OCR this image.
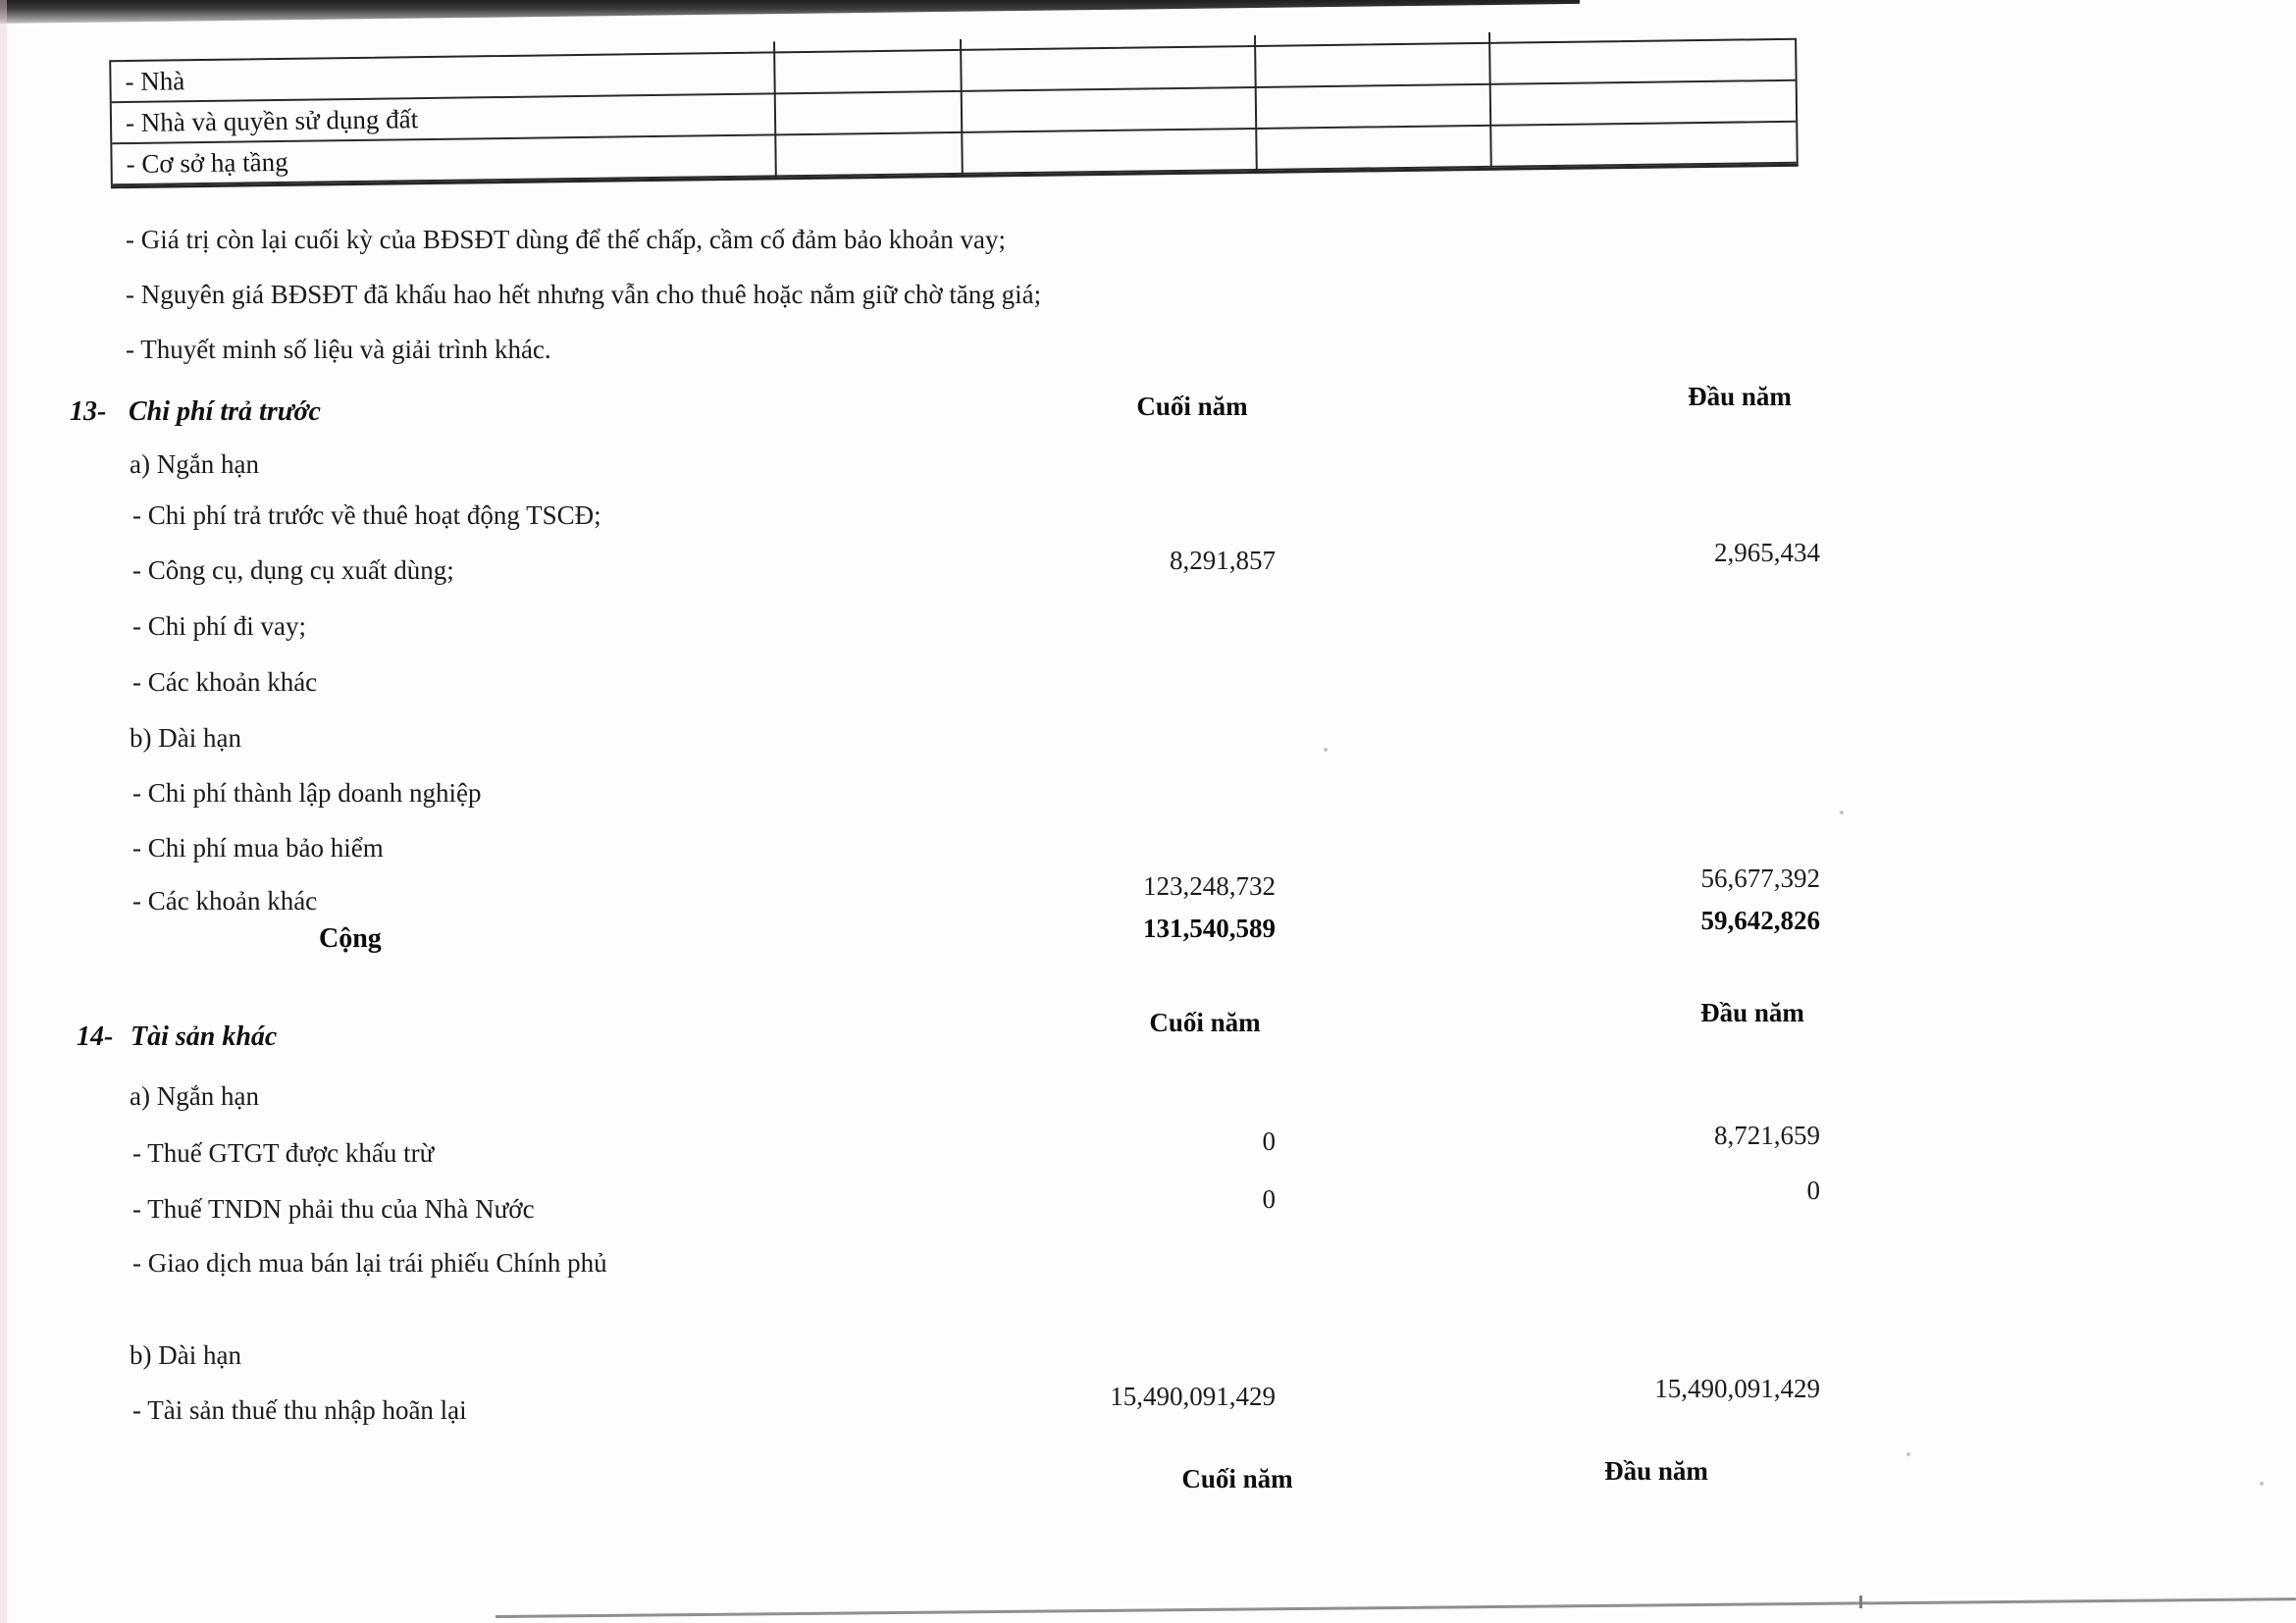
- Nhà
- Nhà và quyền sử dụng đất
- Cơ sở hạ tầng
- Giá trị còn lại cuối kỳ của BĐSĐT dùng để thế chấp, cầm cố đảm bảo khoản vay;
- Nguyên giá BĐSĐT đã khấu hao hết nhưng vẫn cho thuê hoặc nắm giữ chờ tăng giá;
- Thuyết minh số liệu và giải trình khác.
13- Chi phí trả trước	Cuối năm	Đầu năm
a) Ngắn hạn
- Chi phí trả trước về thuê hoạt động TSCĐ;
- Công cụ, dụng cụ xuất dùng;	8,291,857	2,965,434
- Chi phí đi vay;
- Các khoản khác
b) Dài hạn
- Chi phí thành lập doanh nghiệp
- Chi phí mua bảo hiểm
- Các khoản khác	123,248,732	56,677,392
Cộng	131,540,589	59,642,826
14- Tài sản khác	Cuối năm	Đầu năm
a) Ngắn hạn
- Thuế GTGT được khấu trừ	0	8,721,659
- Thuế TNDN phải thu của Nhà Nước	0	0
- Giao dịch mua bán lại trái phiếu Chính phủ
b) Dài hạn
- Tài sản thuế thu nhập hoãn lại	15,490,091,429	15,490,091,429
Cuối năm	Đầu năm
